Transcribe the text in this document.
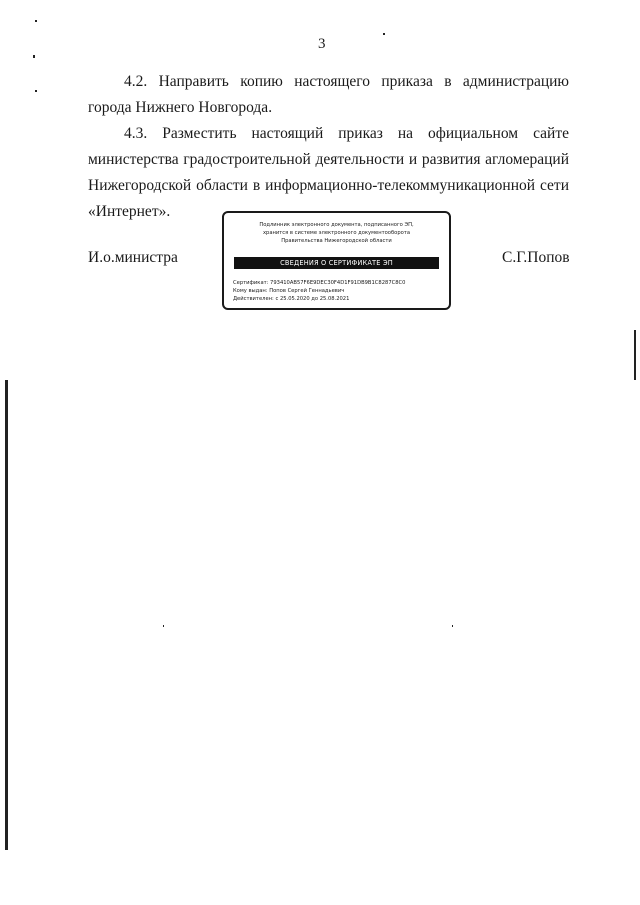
3

4.2. Направить копию настоящего приказа в администрацию города Нижнего Новгорода.

4.3. Разместить настоящий приказ на официальном сайте министерства градостроительной деятельности и развития агломераций Нижегородской области в информационно-телекоммуникационной сети «Интернет».

И.о.министра	С.Г.Попов
Подлинник электронного документа, подписанного ЭП,
хранится в системе электронного документооборота
Правительства Нижегородской области
СВЕДЕНИЯ О СЕРТИФИКАТЕ ЭП
Сертификат: 793410AB57F6E9DEC30F4D1F91DB9B1C8287C8C0
Кому выдан: Попов Сергей Геннадьевич
Действителен: с 25.05.2020 до 25.08.2021
